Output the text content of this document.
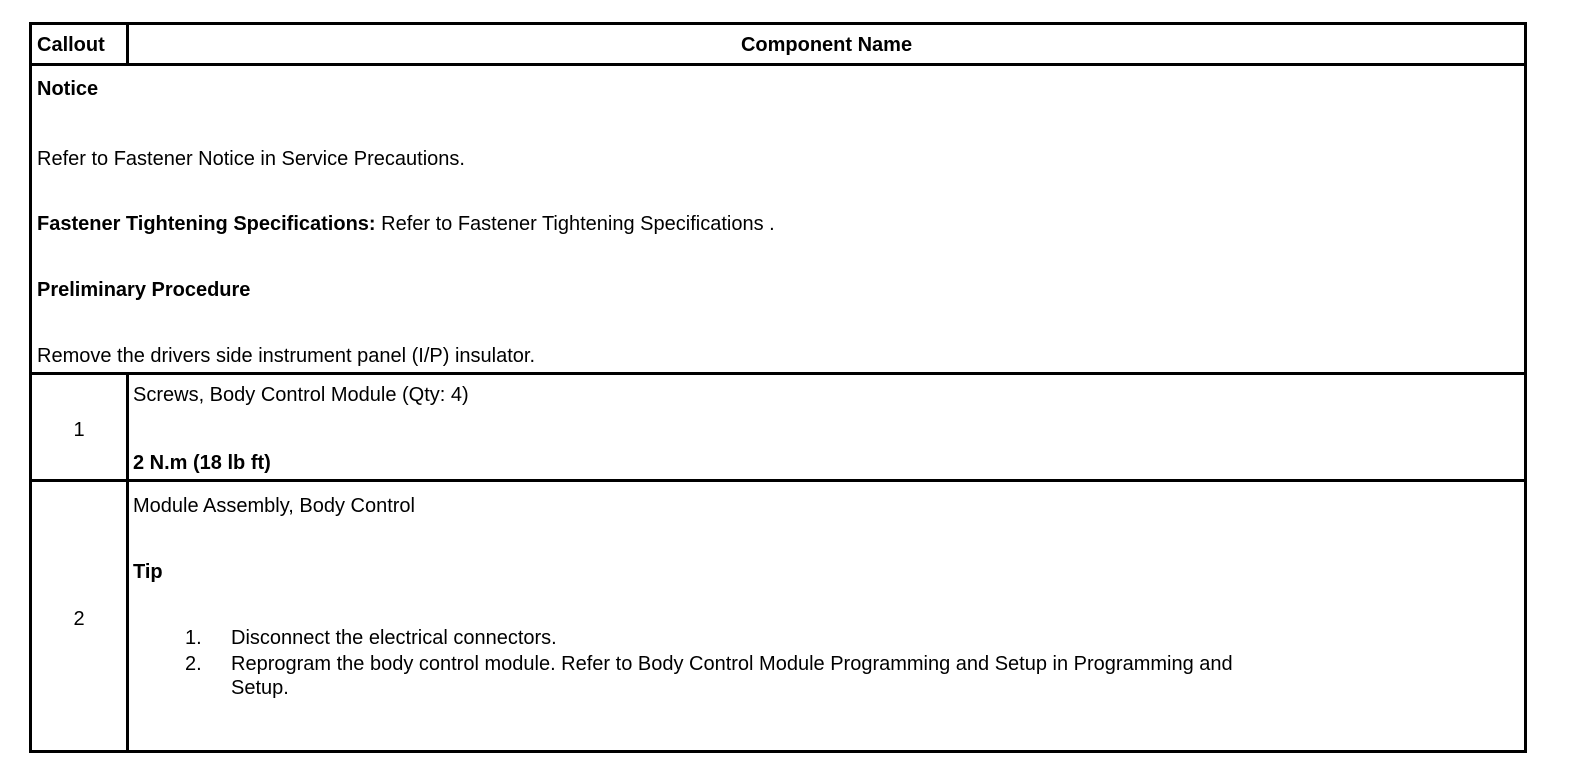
Callout	Component Name
Notice
Refer to Fastener Notice in Service Precautions.
Fastener Tightening Specifications: Refer to Fastener Tightening Specifications .
Preliminary Procedure
Remove the drivers side instrument panel (I/P) insulator.
1
Screws, Body Control Module (Qty: 4)
2 N.m (18 lb ft)
2
Module Assembly, Body Control
Tip
1. Disconnect the electrical connectors.
2. Reprogram the body control module. Refer to Body Control Module Programming and Setup in Programming and
Setup.
